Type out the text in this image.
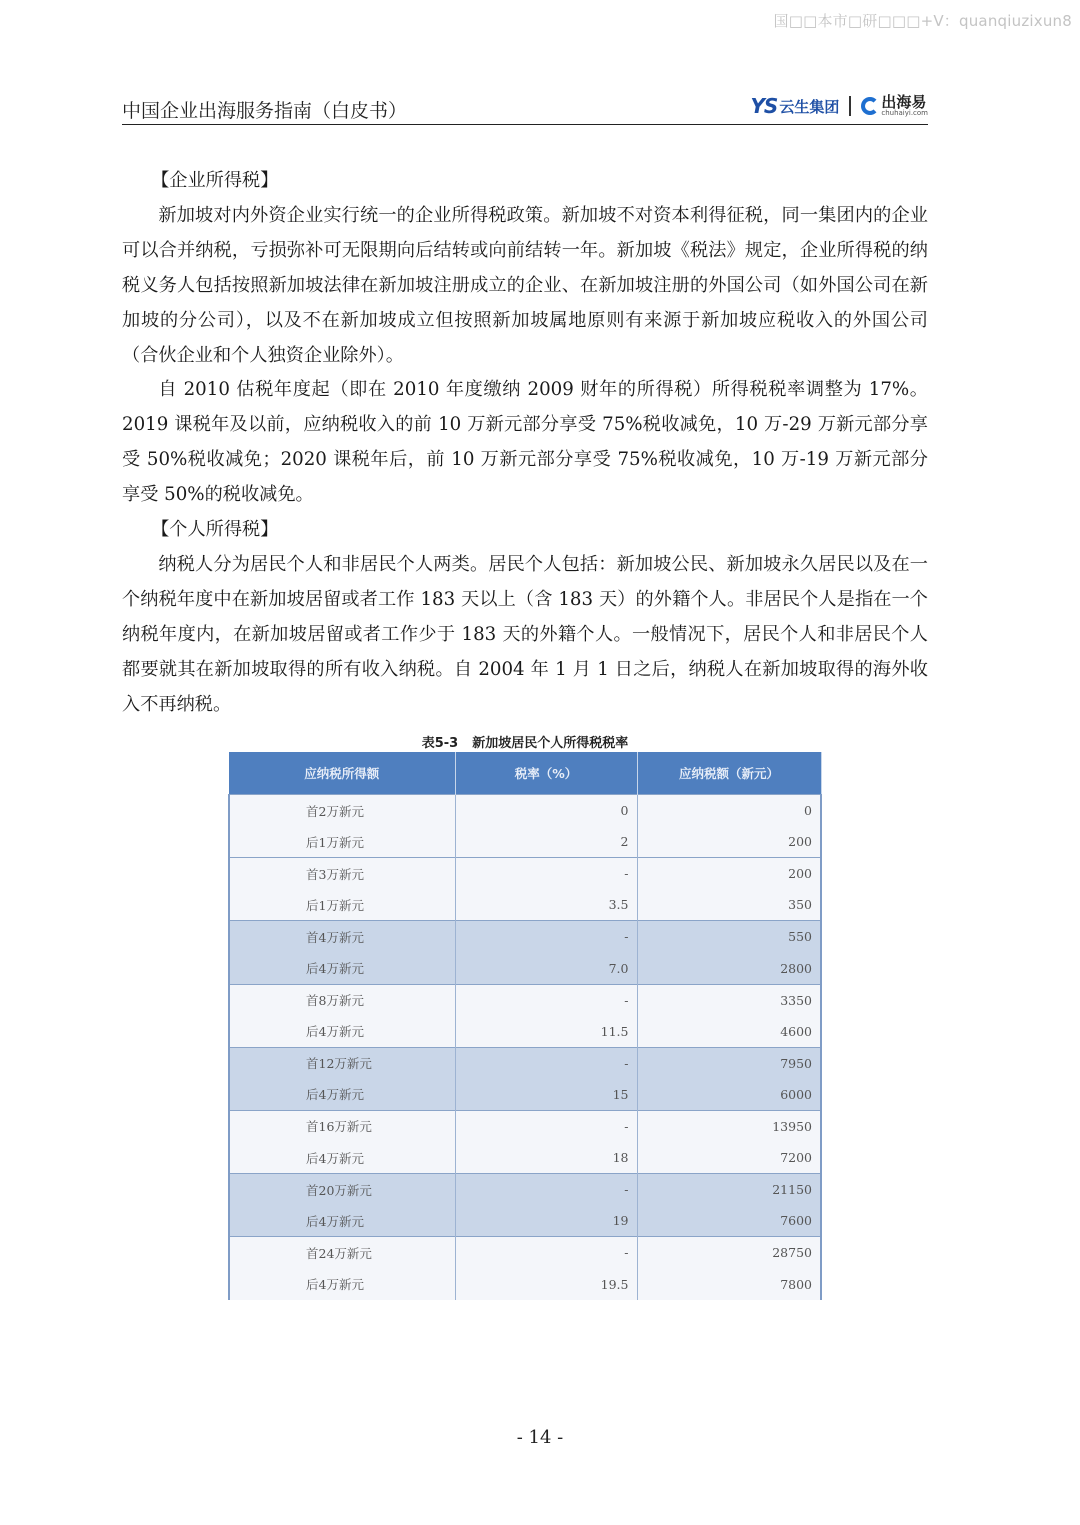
国□□本市□研□□□+V：quanqiuzixun8
中国企业出海服务指南（白皮书）	YS 云生集团	出海易
chuhaiyi.com

【企业所得税】

新加坡对内外资企业实行统一的企业所得税政策。新加坡不对资本利得征税，同一集团内的企业可以合并纳税，亏损弥补可无限期向后结转或向前结转一年。新加坡《税法》规定，企业所得税的纳税义务人包括按照新加坡法律在新加坡注册成立的企业、在新加坡注册的外国公司（如外国公司在新加坡的分公司），以及不在新加坡成立但按照新加坡属地原则有来源于新加坡应税收入的外国公司（合伙企业和个人独资企业除外）。

自 2010 估税年度起（即在 2010 年度缴纳 2009 财年的所得税）所得税税率调整为 17%。2019 课税年及以前，应纳税收入的前 10 万新元部分享受 75%税收减免，10 万-29 万新元部分享受 50%税收减免；2020 课税年后，前 10 万新元部分享受 75%税收减免，10 万-19 万新元部分享受 50%的税收减免。

【个人所得税】

纳税人分为居民个人和非居民个人两类。居民个人包括：新加坡公民、新加坡永久居民以及在一个纳税年度中在新加坡居留或者工作 183 天以上（含 183 天）的外籍个人。非居民个人是指在一个纳税年度内，在新加坡居留或者工作少于 183 天的外籍个人。一般情况下，居民个人和非居民个人都要就其在新加坡取得的所有收入纳税。自 2004 年 1 月 1 日之后，纳税人在新加坡取得的海外收入不再纳税。

表5-3 新加坡居民个人所得税税率
应纳税所得额	税率（%）	应纳税额（新元）
首2万新元	0	0
后1万新元	2	200
首3万新元	-	200
后1万新元	3.5	350
首4万新元	-	550
后4万新元	7.0	2800
首8万新元	-	3350
后4万新元	11.5	4600
首12万新元	-	7950
后4万新元	15	6000
首16万新元	-	13950
后4万新元	18	7200
首20万新元	-	21150
后4万新元	19	7600
首24万新元	-	28750
后4万新元	19.5	7800
- 14 -
